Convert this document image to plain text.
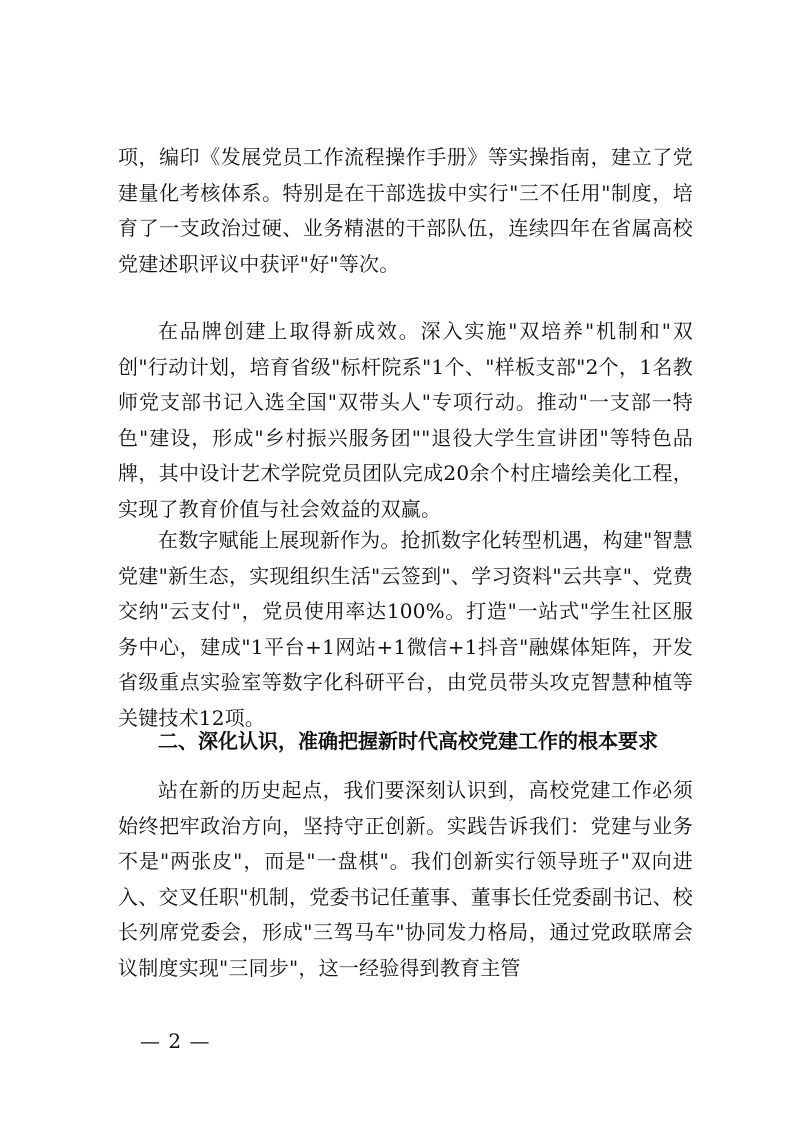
项，编印《发展党员工作流程操作手册》等实操指南，建立了党建量化考核体系。特别是在干部选拔中实行"三不任用"制度，培育了一支政治过硬、业务精湛的干部队伍，连续四年在省属高校党建述职评议中获评"好"等次。

在品牌创建上取得新成效。深入实施"双培养"机制和"双创"行动计划，培育省级"标杆院系"1个、"样板支部"2个，1名教师党支部书记入选全国"双带头人"专项行动。推动"一支部一特色"建设，形成"乡村振兴服务团""退役大学生宣讲团"等特色品牌，其中设计艺术学院党员团队完成20余个村庄墙绘美化工程，实现了教育价值与社会效益的双赢。

在数字赋能上展现新作为。抢抓数字化转型机遇，构建"智慧党建"新生态，实现组织生活"云签到"、学习资料"云共享"、党费交纳"云支付"，党员使用率达100%。打造"一站式"学生社区服务中心，建成"1平台+1网站+1微信+1抖音"融媒体矩阵，开发省级重点实验室等数字化科研平台，由党员带头攻克智慧种植等关键技术12项。

二、深化认识，准确把握新时代高校党建工作的根本要求

站在新的历史起点，我们要深刻认识到，高校党建工作必须始终把牢政治方向，坚持守正创新。实践告诉我们：党建与业务不是"两张皮"，而是"一盘棋"。我们创新实行领导班子"双向进入、交叉任职"机制，党委书记任董事、董事长任党委副书记、校长列席党委会，形成"三驾马车"协同发力格局，通过党政联席会议制度实现"三同步"，这一经验得到教育主管

— 2 —
